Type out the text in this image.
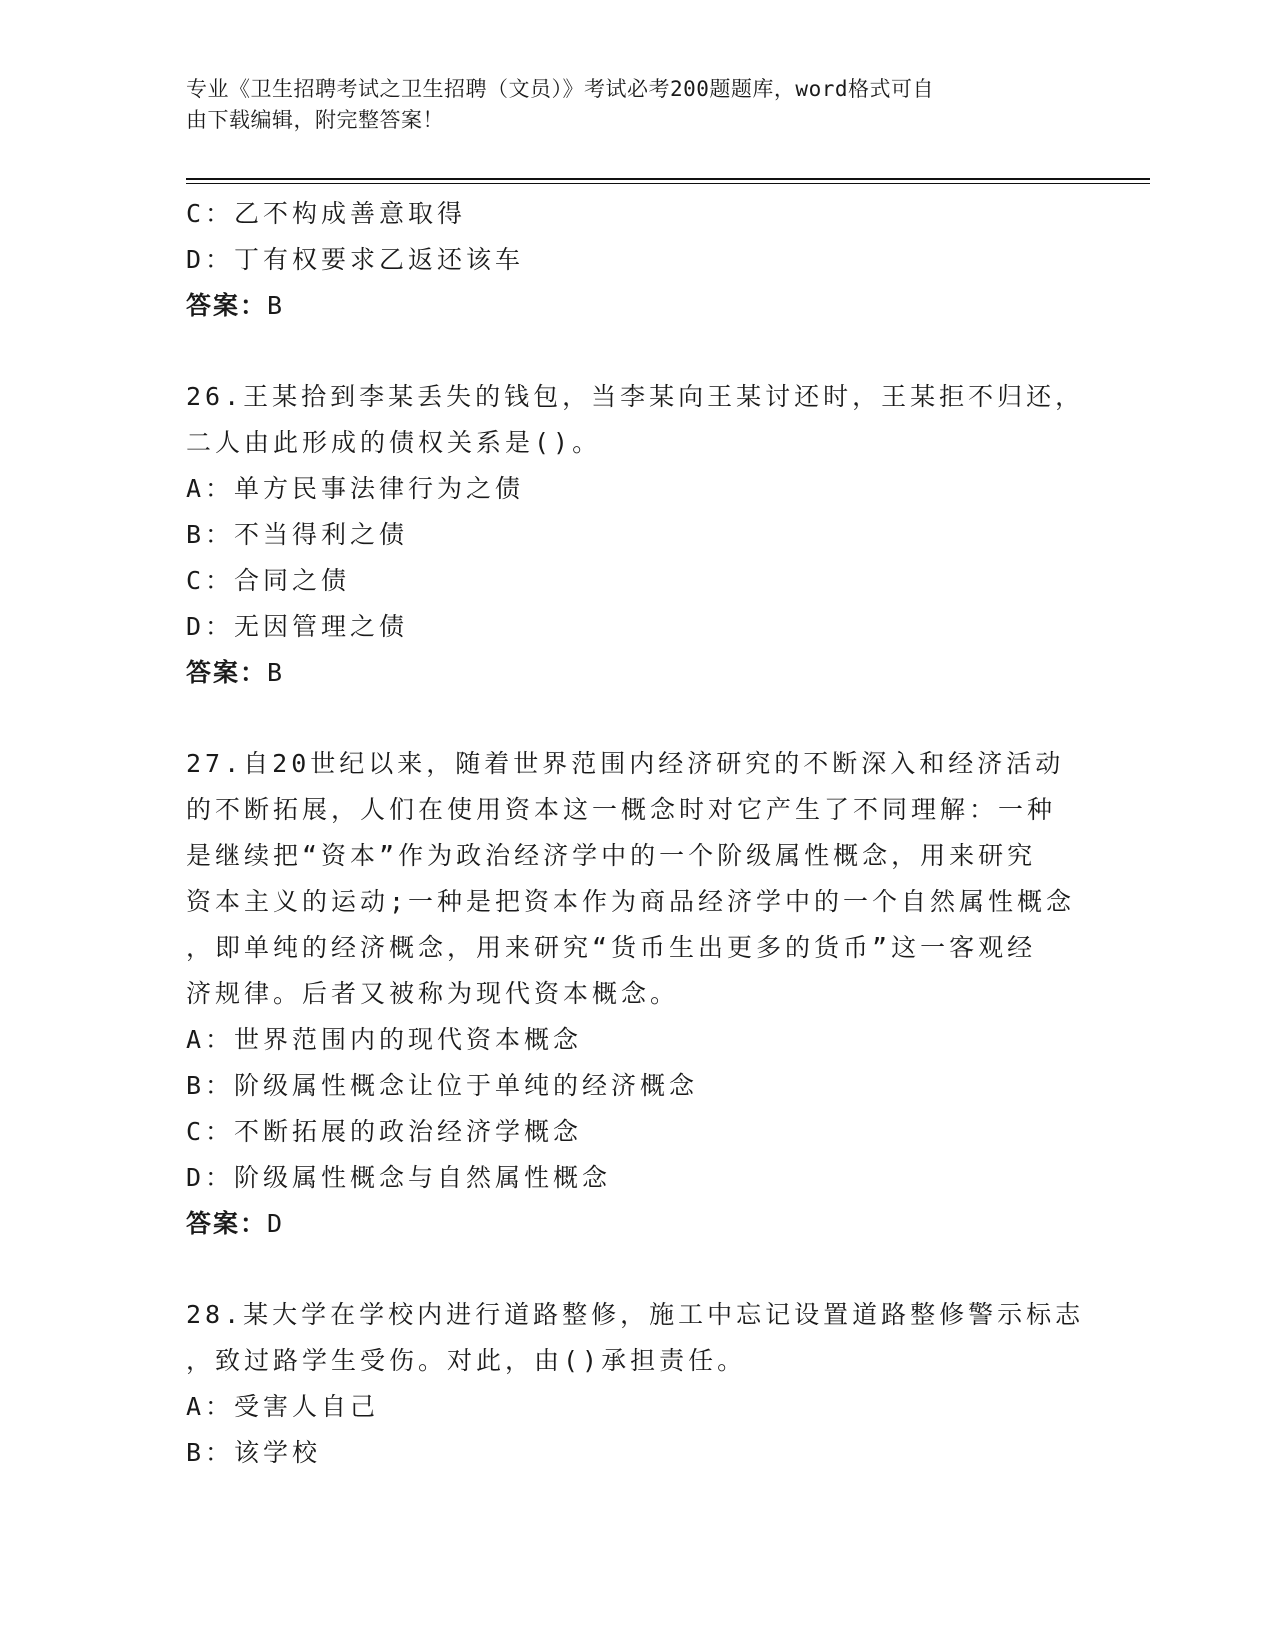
专业《卫生招聘考试之卫生招聘（文员）》考试必考200题题库，word格式可自
由下载编辑，附完整答案！
C：乙不构成善意取得
D：丁有权要求乙返还该车
答案：B
26.王某拾到李某丢失的钱包，当李某向王某讨还时，王某拒不归还，
二人由此形成的债权关系是()。
A：单方民事法律行为之债
B：不当得利之债
C：合同之债
D：无因管理之债
答案：B
27.自20世纪以来，随着世界范围内经济研究的不断深入和经济活动
的不断拓展，人们在使用资本这一概念时对它产生了不同理解：一种
是继续把“资本”作为政治经济学中的一个阶级属性概念，用来研究
资本主义的运动;一种是把资本作为商品经济学中的一个自然属性概念
，即单纯的经济概念，用来研究“货币生出更多的货币”这一客观经
济规律。后者又被称为现代资本概念。
A：世界范围内的现代资本概念
B：阶级属性概念让位于单纯的经济概念
C：不断拓展的政治经济学概念
D：阶级属性概念与自然属性概念
答案：D
28.某大学在学校内进行道路整修，施工中忘记设置道路整修警示标志
，致过路学生受伤。对此，由()承担责任。
A：受害人自己
B：该学校
